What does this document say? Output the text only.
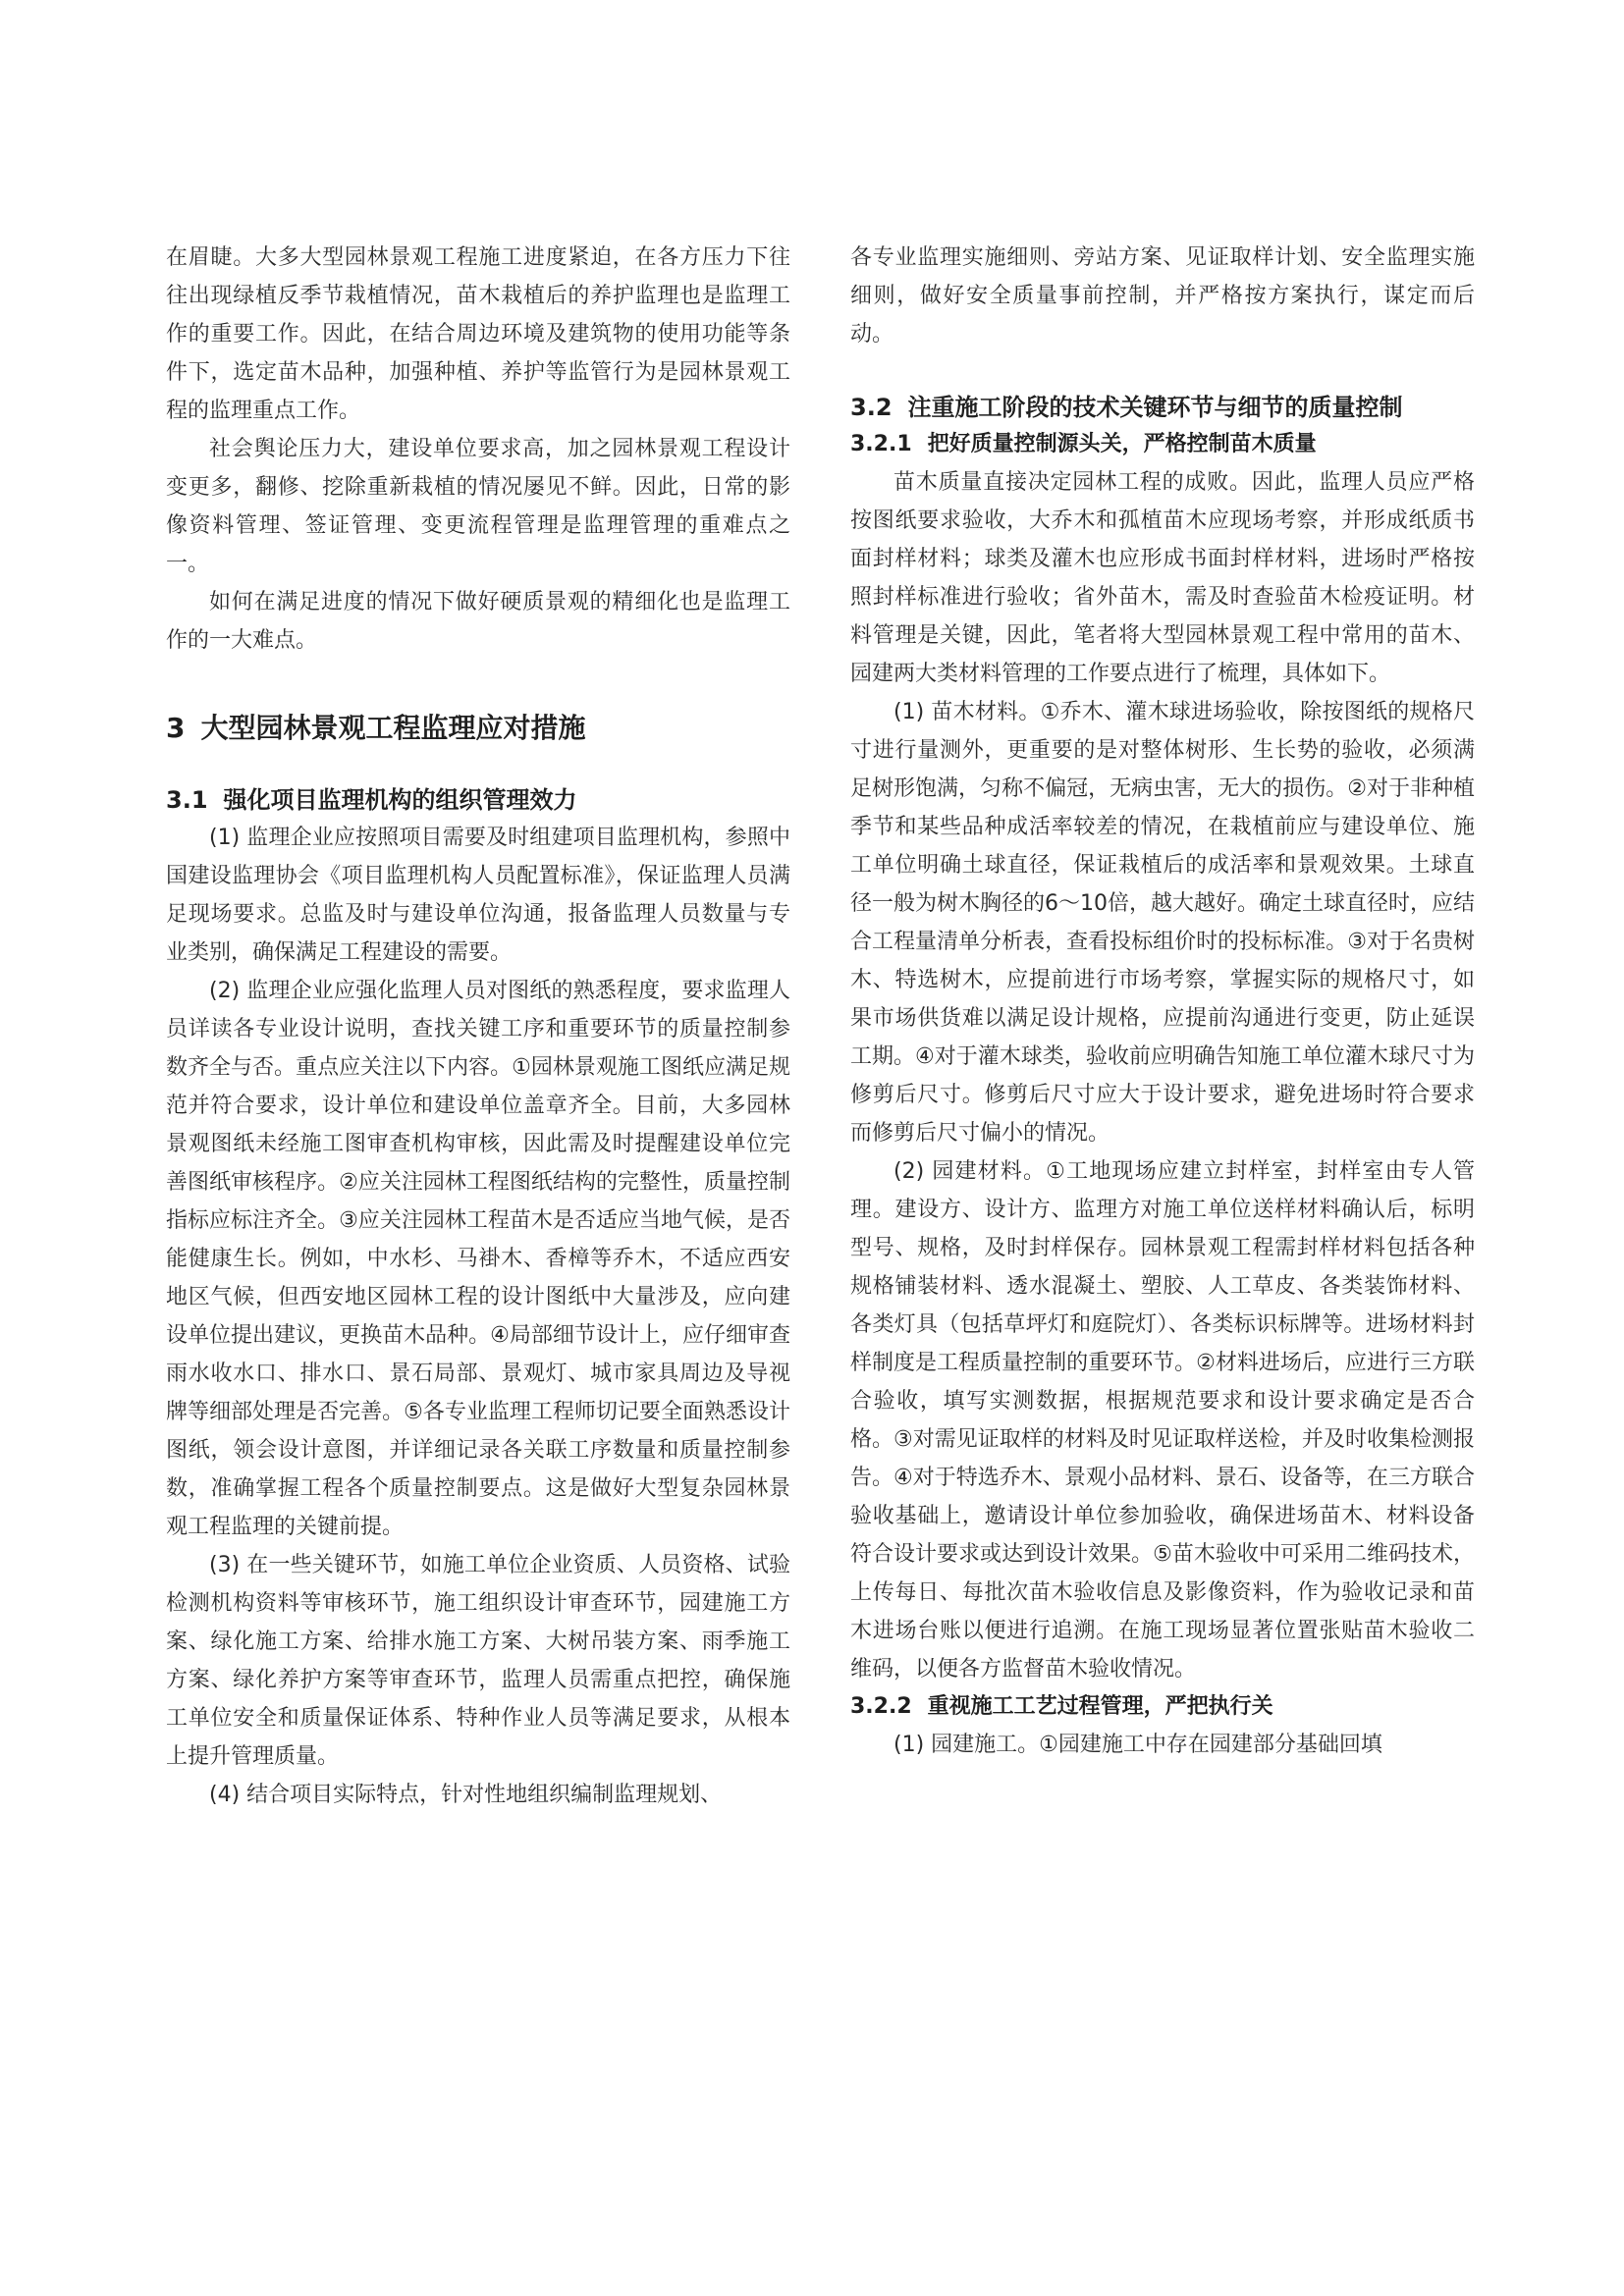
在眉睫。大多大型园林景观工程施工进度紧迫，在各方压力下往往出现绿植反季节栽植情况，苗木栽植后的养护监理也是监理工作的重要工作。因此，在结合周边环境及建筑物的使用功能等条件下，选定苗木品种，加强种植、养护等监管行为是园林景观工程的监理重点工作。

社会舆论压力大，建设单位要求高，加之园林景观工程设计变更多，翻修、挖除重新栽植的情况屡见不鲜。因此，日常的影像资料管理、签证管理、变更流程管理是监理管理的重难点之一。

如何在满足进度的情况下做好硬质景观的精细化也是监理工作的一大难点。

3 大型园林景观工程监理应对措施
3.1 强化项目监理机构的组织管理效力

(1) 监理企业应按照项目需要及时组建项目监理机构，参照中国建设监理协会《项目监理机构人员配置标准》，保证监理人员满足现场要求。总监及时与建设单位沟通，报备监理人员数量与专业类别，确保满足工程建设的需要。

(2) 监理企业应强化监理人员对图纸的熟悉程度，要求监理人员详读各专业设计说明，查找关键工序和重要环节的质量控制参数齐全与否。重点应关注以下内容。①园林景观施工图纸应满足规范并符合要求，设计单位和建设单位盖章齐全。目前，大多园林景观图纸未经施工图审查机构审核，因此需及时提醒建设单位完善图纸审核程序。②应关注园林工程图纸结构的完整性，质量控制指标应标注齐全。③应关注园林工程苗木是否适应当地气候，是否能健康生长。例如，中水杉、马褂木、香樟等乔木，不适应西安地区气候，但西安地区园林工程的设计图纸中大量涉及，应向建设单位提出建议，更换苗木品种。④局部细节设计上，应仔细审查雨水收水口、排水口、景石局部、景观灯、城市家具周边及导视牌等细部处理是否完善。⑤各专业监理工程师切记要全面熟悉设计图纸，领会设计意图，并详细记录各关联工序数量和质量控制参数，准确掌握工程各个质量控制要点。这是做好大型复杂园林景观工程监理的关键前提。

(3) 在一些关键环节，如施工单位企业资质、人员资格、试验检测机构资料等审核环节，施工组织设计审查环节，园建施工方案、绿化施工方案、给排水施工方案、大树吊装方案、雨季施工方案、绿化养护方案等审查环节，监理人员需重点把控，确保施工单位安全和质量保证体系、特种作业人员等满足要求，从根本上提升管理质量。

(4) 结合项目实际特点，针对性地组织编制监理规划、

各专业监理实施细则、旁站方案、见证取样计划、安全监理实施细则，做好安全质量事前控制，并严格按方案执行，谋定而后动。

3.2 注重施工阶段的技术关键环节与细节的质量控制
3.2.1 把好质量控制源头关，严格控制苗木质量

苗木质量直接决定园林工程的成败。因此，监理人员应严格按图纸要求验收，大乔木和孤植苗木应现场考察，并形成纸质书面封样材料；球类及灌木也应形成书面封样材料，进场时严格按照封样标准进行验收；省外苗木，需及时查验苗木检疫证明。材料管理是关键，因此，笔者将大型园林景观工程中常用的苗木、园建两大类材料管理的工作要点进行了梳理，具体如下。

(1) 苗木材料。①乔木、灌木球进场验收，除按图纸的规格尺寸进行量测外，更重要的是对整体树形、生长势的验收，必须满足树形饱满，匀称不偏冠，无病虫害，无大的损伤。②对于非种植季节和某些品种成活率较差的情况，在栽植前应与建设单位、施工单位明确土球直径，保证栽植后的成活率和景观效果。土球直径一般为树木胸径的6～10倍，越大越好。确定土球直径时，应结合工程量清单分析表，查看投标组价时的投标标准。③对于名贵树木、特选树木，应提前进行市场考察，掌握实际的规格尺寸，如果市场供货难以满足设计规格，应提前沟通进行变更，防止延误工期。④对于灌木球类，验收前应明确告知施工单位灌木球尺寸为修剪后尺寸。修剪后尺寸应大于设计要求，避免进场时符合要求而修剪后尺寸偏小的情况。

(2) 园建材料。①工地现场应建立封样室，封样室由专人管理。建设方、设计方、监理方对施工单位送样材料确认后，标明型号、规格，及时封样保存。园林景观工程需封样材料包括各种规格铺装材料、透水混凝土、塑胶、人工草皮、各类装饰材料、各类灯具（包括草坪灯和庭院灯）、各类标识标牌等。进场材料封样制度是工程质量控制的重要环节。②材料进场后，应进行三方联合验收，填写实测数据，根据规范要求和设计要求确定是否合格。③对需见证取样的材料及时见证取样送检，并及时收集检测报告。④对于特选乔木、景观小品材料、景石、设备等，在三方联合验收基础上，邀请设计单位参加验收，确保进场苗木、材料设备符合设计要求或达到设计效果。⑤苗木验收中可采用二维码技术，上传每日、每批次苗木验收信息及影像资料，作为验收记录和苗木进场台账以便进行追溯。在施工现场显著位置张贴苗木验收二维码，以便各方监督苗木验收情况。

3.2.2 重视施工工艺过程管理，严把执行关

(1) 园建施工。①园建施工中存在园建部分基础回填
